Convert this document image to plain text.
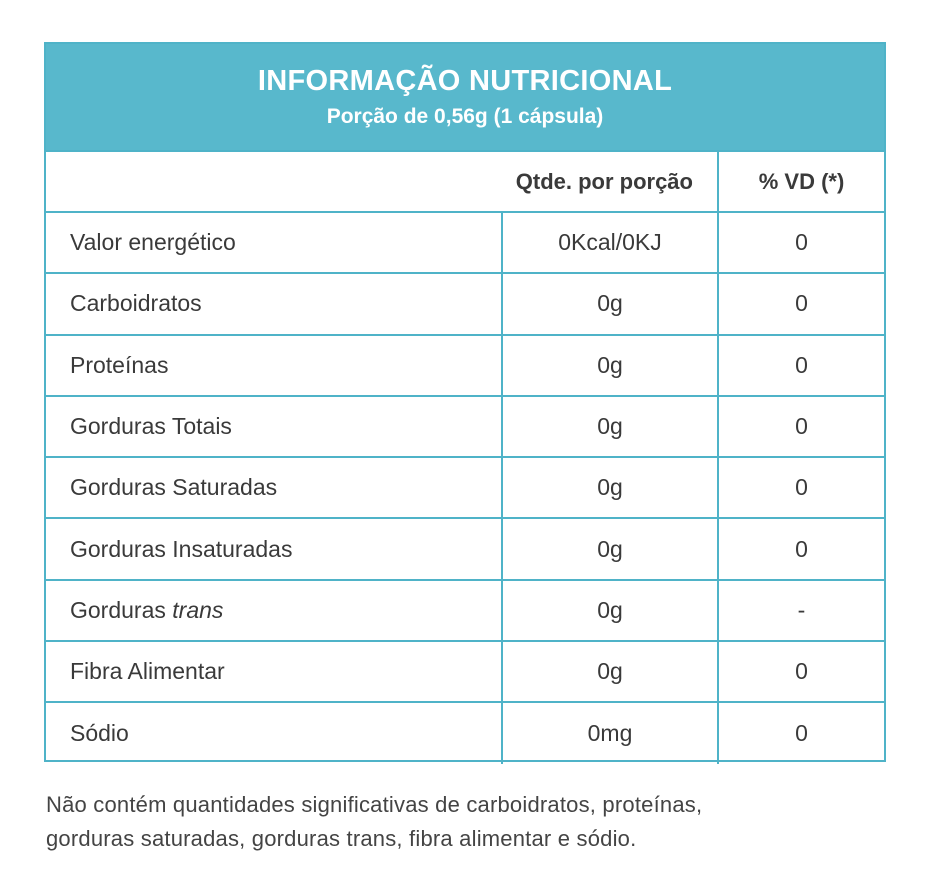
INFORMAÇÃO NUTRICIONAL
Porção de 0,56g (1 cápsula)
	Qtde. por porção	% VD (*)
Valor energético	0Kcal/0KJ	0
Carboidratos	0g	0
Proteínas	0g	0
Gorduras Totais	0g	0
Gorduras Saturadas	0g	0
Gorduras Insaturadas	0g	0
Gorduras trans	0g	-
Fibra Alimentar	0g	0
Sódio	0mg	0
Não contém quantidades significativas de carboidratos, proteínas,
gorduras saturadas, gorduras trans, fibra alimentar e sódio.
